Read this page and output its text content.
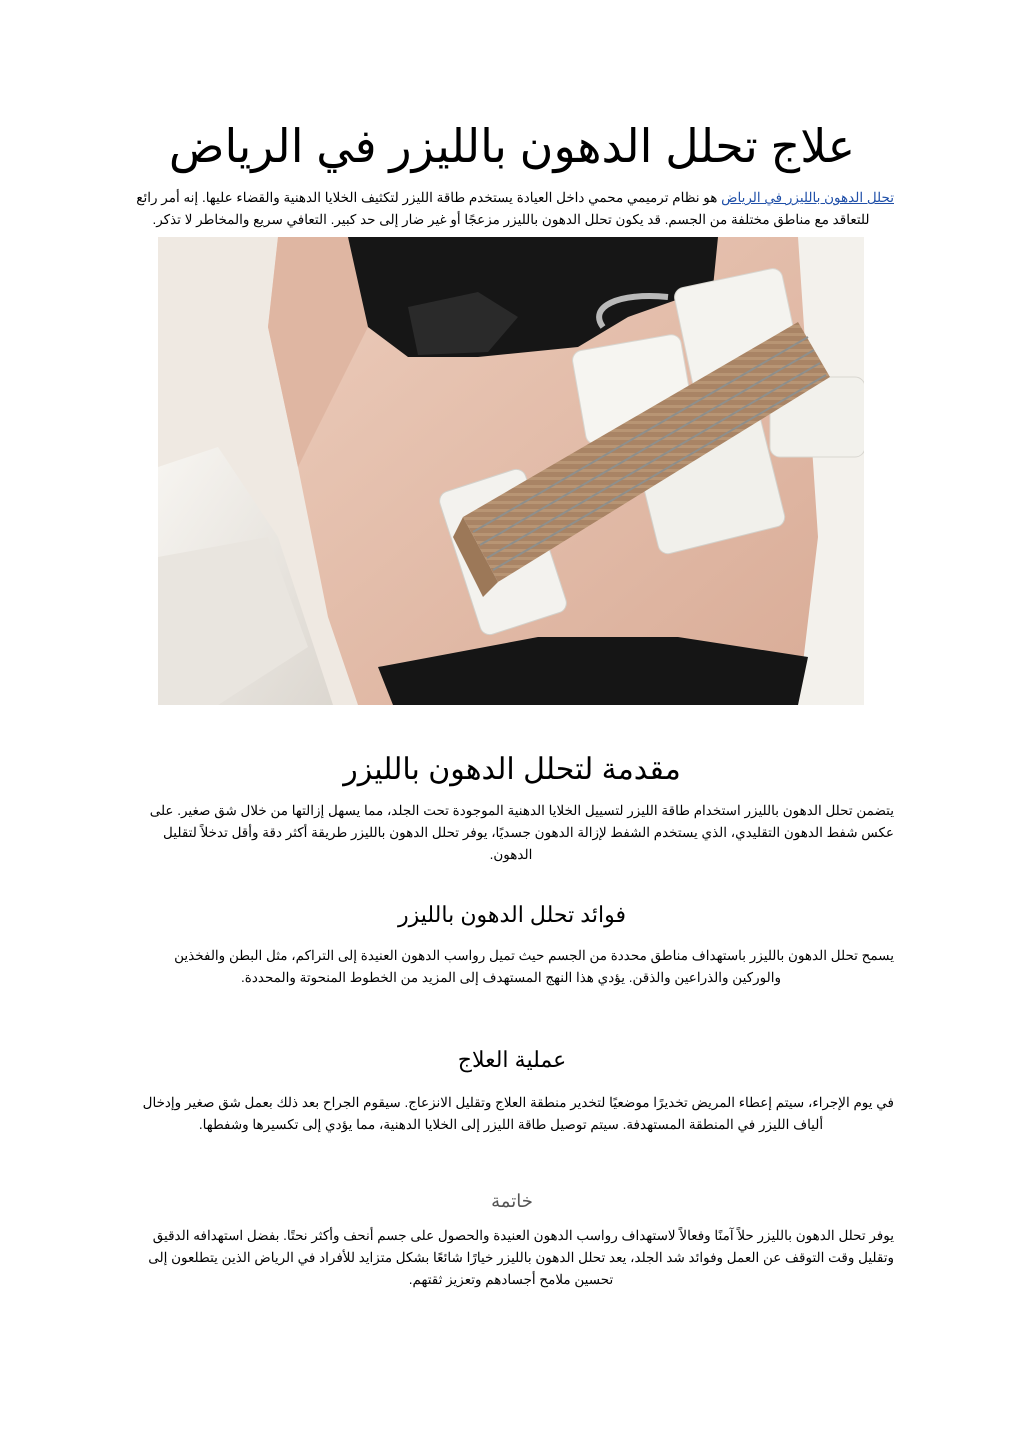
علاج تحلل الدهون بالليزر في الرياض

تحلل الدهون بالليزر في الرياض هو نظام ترميمي محمي داخل العيادة يستخدم طاقة الليزر لتكثيف الخلايا الدهنية والقضاء عليها. إنه أمر رائع للتعاقد مع مناطق مختلفة من الجسم. قد يكون تحلل الدهون بالليزر مزعجًا أو غير ضار إلى حد كبير. التعافي سريع والمخاطر لا تذكر.

مقدمة لتحلل الدهون بالليزر

يتضمن تحلل الدهون بالليزر استخدام طاقة الليزر لتسييل الخلايا الدهنية الموجودة تحت الجلد، مما يسهل إزالتها من خلال شق صغير. على عكس شفط الدهون التقليدي، الذي يستخدم الشفط لإزالة الدهون جسديًا، يوفر تحلل الدهون بالليزر طريقة أكثر دقة وأقل تدخلاً لتقليل الدهون.

فوائد تحلل الدهون بالليزر

يسمح تحلل الدهون بالليزر باستهداف مناطق محددة من الجسم حيث تميل رواسب الدهون العنيدة إلى التراكم، مثل البطن والفخذين والوركين والذراعين والذقن. يؤدي هذا النهج المستهدف إلى المزيد من الخطوط المنحوتة والمحددة.

عملية العلاج

في يوم الإجراء، سيتم إعطاء المريض تخديرًا موضعيًا لتخدير منطقة العلاج وتقليل الانزعاج. سيقوم الجراح بعد ذلك بعمل شق صغير وإدخال ألياف الليزر في المنطقة المستهدفة. سيتم توصيل طاقة الليزر إلى الخلايا الدهنية، مما يؤدي إلى تكسيرها وشفطها.

خاتمة

يوفر تحلل الدهون بالليزر حلاً آمنًا وفعالاً لاستهداف رواسب الدهون العنيدة والحصول على جسم أنحف وأكثر نحتًا. بفضل استهدافه الدقيق وتقليل وقت التوقف عن العمل وفوائد شد الجلد، يعد تحلل الدهون بالليزر خيارًا شائعًا بشكل متزايد للأفراد في الرياض الذين يتطلعون إلى تحسين ملامح أجسادهم وتعزيز ثقتهم.
